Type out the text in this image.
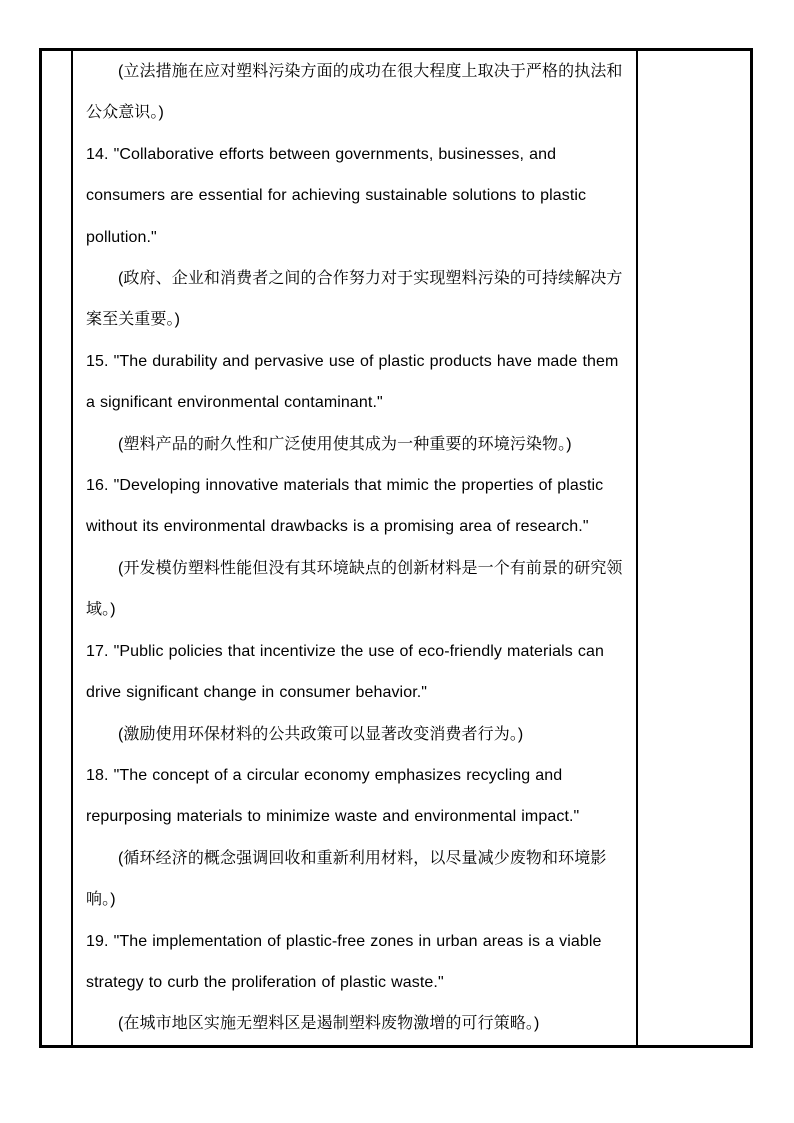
(立法措施在应对塑料污染方面的成功在很大程度上取决于严格的执法和公众意识。)

14. "Collaborative efforts between governments, businesses, and consumers are essential for achieving sustainable solutions to plastic pollution."

(政府、企业和消费者之间的合作努力对于实现塑料污染的可持续解决方案至关重要。)

15. "The durability and pervasive use of plastic products have made them a significant environmental contaminant."

(塑料产品的耐久性和广泛使用使其成为一种重要的环境污染物。)

16. "Developing innovative materials that mimic the properties of plastic without its environmental drawbacks is a promising area of research."

(开发模仿塑料性能但没有其环境缺点的创新材料是一个有前景的研究领域。)

17. "Public policies that incentivize the use of eco-friendly materials can drive significant change in consumer behavior."

(激励使用环保材料的公共政策可以显著改变消费者行为。)

18. "The concept of a circular economy emphasizes recycling and repurposing materials to minimize waste and environmental impact."

(循环经济的概念强调回收和重新利用材料，以尽量减少废物和环境影响。)

19. "The implementation of plastic-free zones in urban areas is a viable strategy to curb the proliferation of plastic waste."

(在城市地区实施无塑料区是遏制塑料废物激增的可行策略。)
